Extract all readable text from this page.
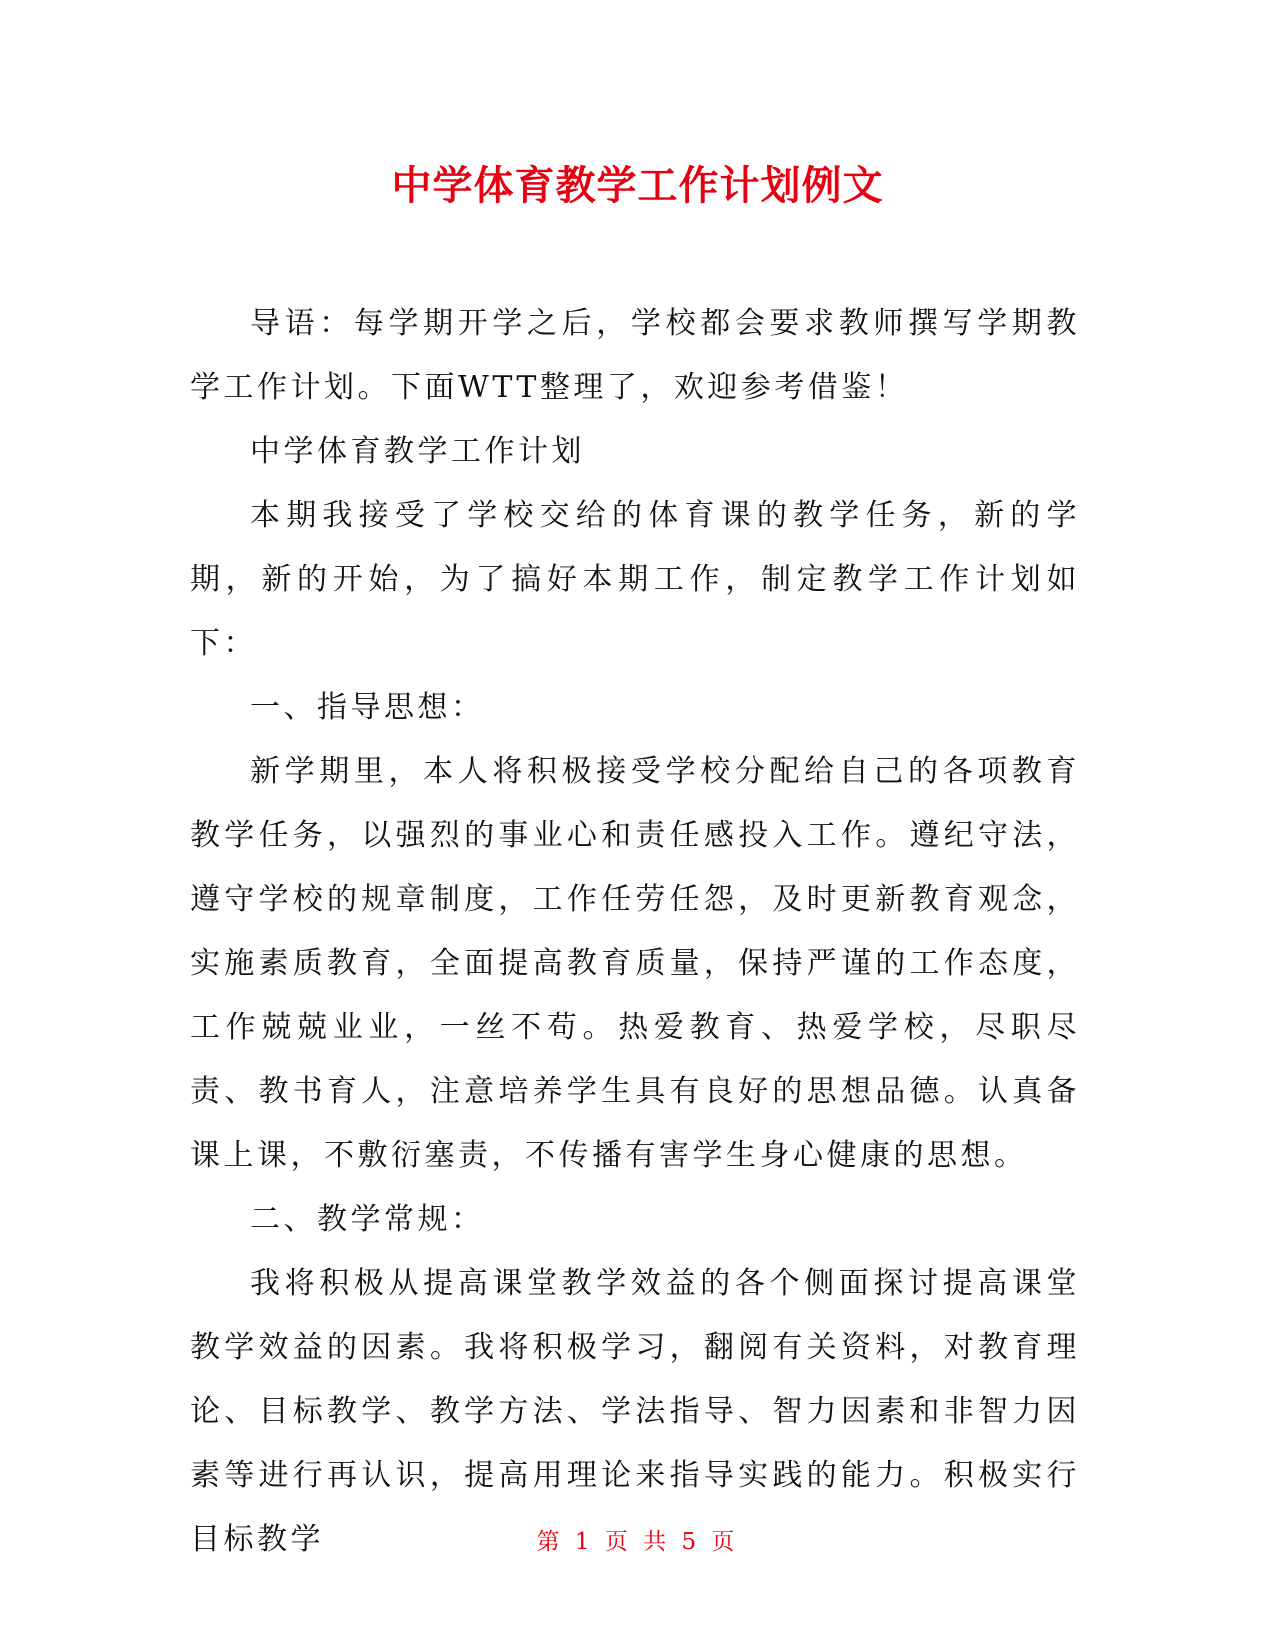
中学体育教学工作计划例文

导语：每学期开学之后，学校都会要求教师撰写学期教学工作计划。下面WTT整理了，欢迎参考借鉴！

中学体育教学工作计划

本期我接受了学校交给的体育课的教学任务，新的学期，新的开始，为了搞好本期工作，制定教学工作计划如下：

一、指导思想：

新学期里，本人将积极接受学校分配给自己的各项教育教学任务，以强烈的事业心和责任感投入工作。遵纪守法，遵守学校的规章制度，工作任劳任怨，及时更新教育观念，实施素质教育，全面提高教育质量，保持严谨的工作态度，工作兢兢业业，一丝不苟。热爱教育、热爱学校，尽职尽责、教书育人，注意培养学生具有良好的思想品德。认真备课上课，不敷衍塞责，不传播有害学生身心健康的思想。

二、教学常规：

我将积极从提高课堂教学效益的各个侧面探讨提高课堂教学效益的因素。我将积极学习，翻阅有关资料，对教育理论、目标教学、教学方法、学法指导、智力因素和非智力因素等进行再认识，提高用理论来指导实践的能力。积极实行目标教学	第 1 页 共 5 页
